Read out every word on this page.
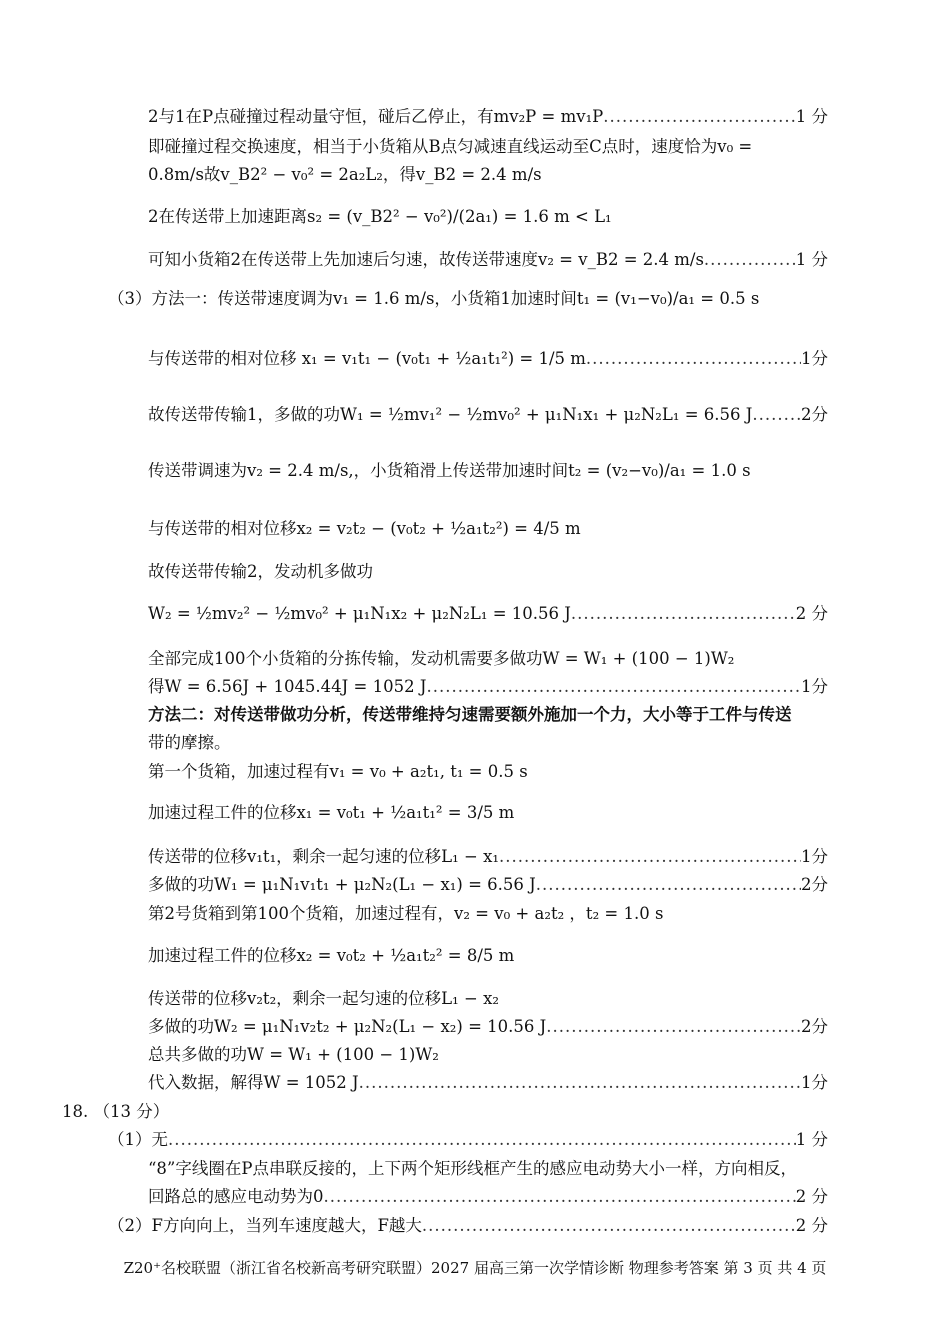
2与1在P点碰撞过程动量守恒，碰后乙停止，有mv₂P = mv₁P .....	1 分
即碰撞过程交换速度，相当于小货箱从B点匀减速直线运动至C点时，速度恰为v₀ =
0.8m/s故v_B2² − v₀² = 2a₂L₂，得v_B2 = 2.4 m/s
2在传送带上加速距离s₂ = (v_B2² − v₀²)/(2a₁) = 1.6 m < L₁
可知小货箱2在传送带上先加速后匀速，故传送带速度v₂ = v_B2 = 2.4 m/s .....	1 分
（3）方法一：传送带速度调为v₁ = 1.6 m/s，小货箱1加速时间t₁ = (v₁−v₀)/a₁ = 0.5 s
与传送带的相对位移 x₁ = v₁t₁ − (v₀t₁ + ½a₁t₁²) = 1/5 m .....	1分
故传送带传输1，多做的功W₁ = ½mv₁² − ½mv₀² + μ₁N₁x₁ + μ₂N₂L₁ = 6.56 J .....	2分
传送带调速为v₂ = 2.4 m/s,，小货箱滑上传送带加速时间t₂ = (v₂−v₀)/a₁ = 1.0 s
与传送带的相对位移x₂ = v₂t₂ − (v₀t₂ + ½a₁t₂²) = 4/5 m
故传送带传输2，发动机多做功
W₂ = ½mv₂² − ½mv₀² + μ₁N₁x₂ + μ₂N₂L₁ = 10.56 J .....	2 分
全部完成100个小货箱的分拣传输，发动机需要多做功W = W₁ + (100 − 1)W₂
得W = 6.56J + 1045.44J = 1052 J .....	1分
方法二：对传送带做功分析，传送带维持匀速需要额外施加一个力，大小等于工件与传送
带的摩擦。
第一个货箱，加速过程有v₁ = v₀ + a₂t₁, t₁ = 0.5 s
加速过程工件的位移x₁ = v₀t₁ + ½a₁t₁² = 3/5 m
传送带的位移v₁t₁，剩余一起匀速的位移L₁ − x₁ .....	1分
多做的功W₁ = μ₁N₁v₁t₁ + μ₂N₂(L₁ − x₁) = 6.56 J .....	2分
第2号货箱到第100个货箱，加速过程有，v₂ = v₀ + a₂t₂ ，t₂ = 1.0 s
加速过程工件的位移x₂ = v₀t₂ + ½a₁t₂² = 8/5 m
传送带的位移v₂t₂，剩余一起匀速的位移L₁ − x₂
多做的功W₂ = μ₁N₁v₂t₂ + μ₂N₂(L₁ − x₂) = 10.56 J .....	2分
总共多做的功W = W₁ + (100 − 1)W₂
代入数据，解得W = 1052 J .....	1分
18. （13 分）
（1）无 .....	1 分
“8”字线圈在P点串联反接的，上下两个矩形线框产生的感应电动势大小一样，方向相反，
回路总的感应电动势为0 .....	2 分
（2）F方向向上，当列车速度越大，F越大 .....	2 分
Z20⁺名校联盟（浙江省名校新高考研究联盟）2027 届高三第一次学情诊断 物理参考答案 第 3 页 共 4 页
